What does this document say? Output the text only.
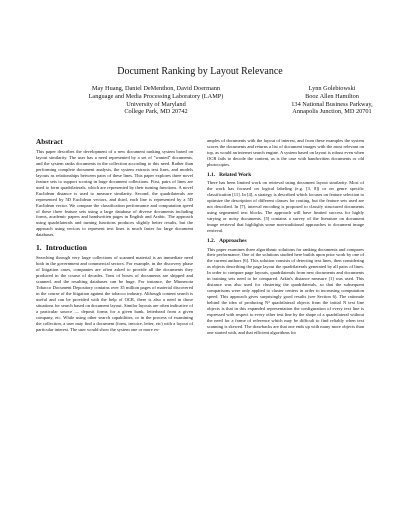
Document Ranking by Layout Relevance
May Huang, Daniel DeMenthon, David Doermann
Language and Media Processing Laboratory (LAMP)
University of Maryland
College Park, MD 20742
Lynn Golebiowski
Booz Allen Hamilton
134 National Business Parkway,
Annapolis Junction, MD 20701
Abstract

This paper describes the development of a new document ranking system based on layout similarity. The user has a need represented by a set of "wanted" documents, and the system ranks documents in the collection according to this need. Rather than performing complete document analysis, the system extracts text lines, and models layouts as relationships between pairs of these lines. This paper explores three novel feature sets to support scoring in large document collections. First, pairs of lines are used to form quadrilaterals, which are represented by their turning functions. A novel Euclidean distance is used to measure similarity. Second, the quadrilaterals are represented by 5D Euclidean vectors, and third, each line is represented by a 5D Euclidean vector. We compare the classification performance and computation speed of these three feature sets using a large database of diverse documents including forms, academic papers and handwritten pages in English and Arabic. The approach using quadrilaterals and turning functions produces slightly better results, but the approach using vectors to represent text lines is much faster for large document databases.

1. Introduction

Searching through very large collections of scanned material is an immediate need both in the government and commercial sectors. For example, in the discovery phase of litigation cases, companies are often asked to provide all the documents they produced in the course of decades. Tons of boxes of documents are shipped and scanned, and the resulting databases can be huge. For instance, the Minnesota Tobacco Document Depository contains over 35 million pages of material discovered in the course of the litigation against the tobacco industry. Although content search is useful and can be provided with the help of OCR, there is also a need in those situations for search based on document layout. Similar layouts are often indicative of a particular source — deposit forms for a given bank, letterhead from a given company, etc. While using other search capabilities, or in the process of examining the collection, a user may find a document (form, invoice, letter, etc) with a layout of particular interest. The user would show the system one or more ex-

amples of documents with the layout of interest, and from these examples the system scores the documents and returns a list of document images with the most relevant on top, as would an internet search engine. A system based on layout is robust even when OCR fails to decode the content, as is the case with handwritten documents or old photocopies.

1.1. Related Work

There has been limited work on retrieval using document layout similarity. Most of the work has focused on logical labeling (e.g. [3, 8]) or on genre specific classification [11]. In [4], a strategy is described which focuses on feature selection to optimize the description of different classes for routing, but the feature sets used are not described. In [7], interval encoding is proposed to classify structured documents using segmented text blocks. The approach will have limited success for highly varying or noisy documents. [5] contains a survey of the literature on document image retrieval that highlights some non-traditional approaches to document image retrieval.

1.2. Approaches

This paper examines three algorithmic solutions for ranking documents and compares their performance. One of the solutions studied here builds upon prior work by one of the current authors [6]. This solution consists of detecting text lines, then considering as objects describing the page layout the quadrilaterals generated by all pairs of lines. In order to compare page layouts, quadrilaterals from new documents and documents in training sets need to be compared. Arkin's distance measure [1] was used. This distance was also used for clustering the quadrilaterals, so that the subsequent comparisons were only applied to cluster centers in order to increasing computation speed. This approach gives surprisingly good results (see Section 6). The rationale behind the idea of producing N² quadrilateral objects from the initial N text line objects is that in this expanded representation the configuration of every text line is expressed with respect to every other text line by the shape of a quadrilateral without the need for a frame of reference which may be difficult to find reliably when text scanning is skewed. The drawbacks are that one ends up with many more objects than one started with, and that efficient algorithms for
